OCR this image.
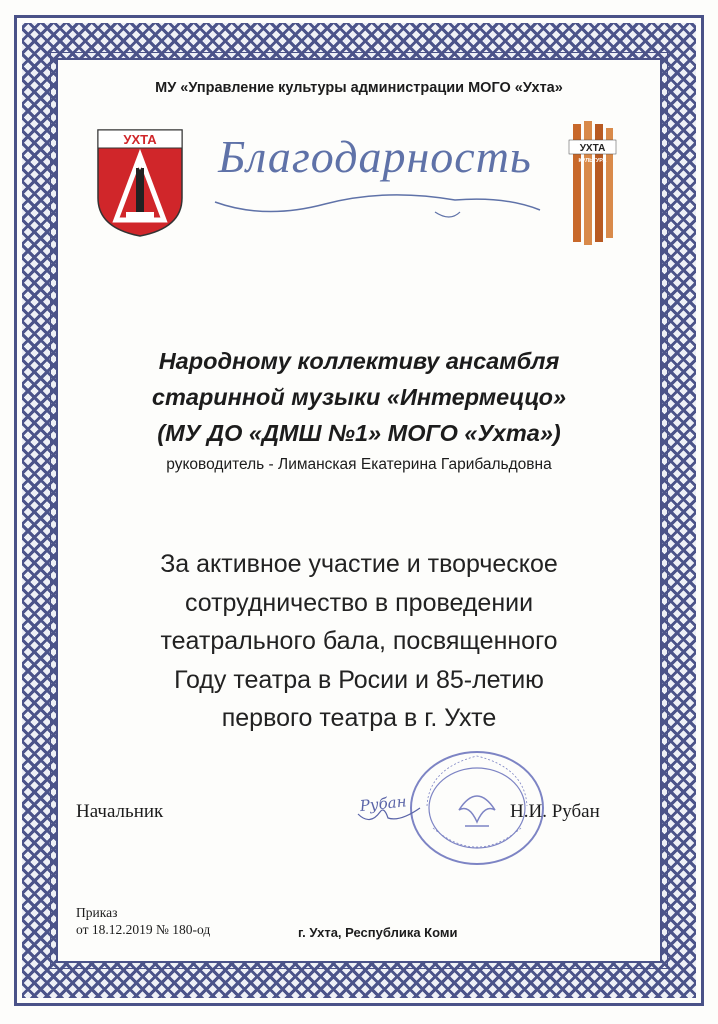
МУ «Управление культуры администрации МОГО «Ухта»
УХТА
УХТА
КУЛЬТУРА
Благодарность
Народному коллективу ансамбля
старинной музыки «Интермеццо»
(МУ ДО «ДМШ №1» МОГО «Ухта»)
руководитель - Лиманская Екатерина Гарибальдовна
За активное участие и творческое
сотрудничество в проведении
театрального бала, посвященного
Году театра в Росии и 85-летию
первого театра в г. Ухте
Рубан
Начальник	Н.И. Рубан
Приказ
от 18.12.2019 № 180-од	г. Ухта, Республика Коми
